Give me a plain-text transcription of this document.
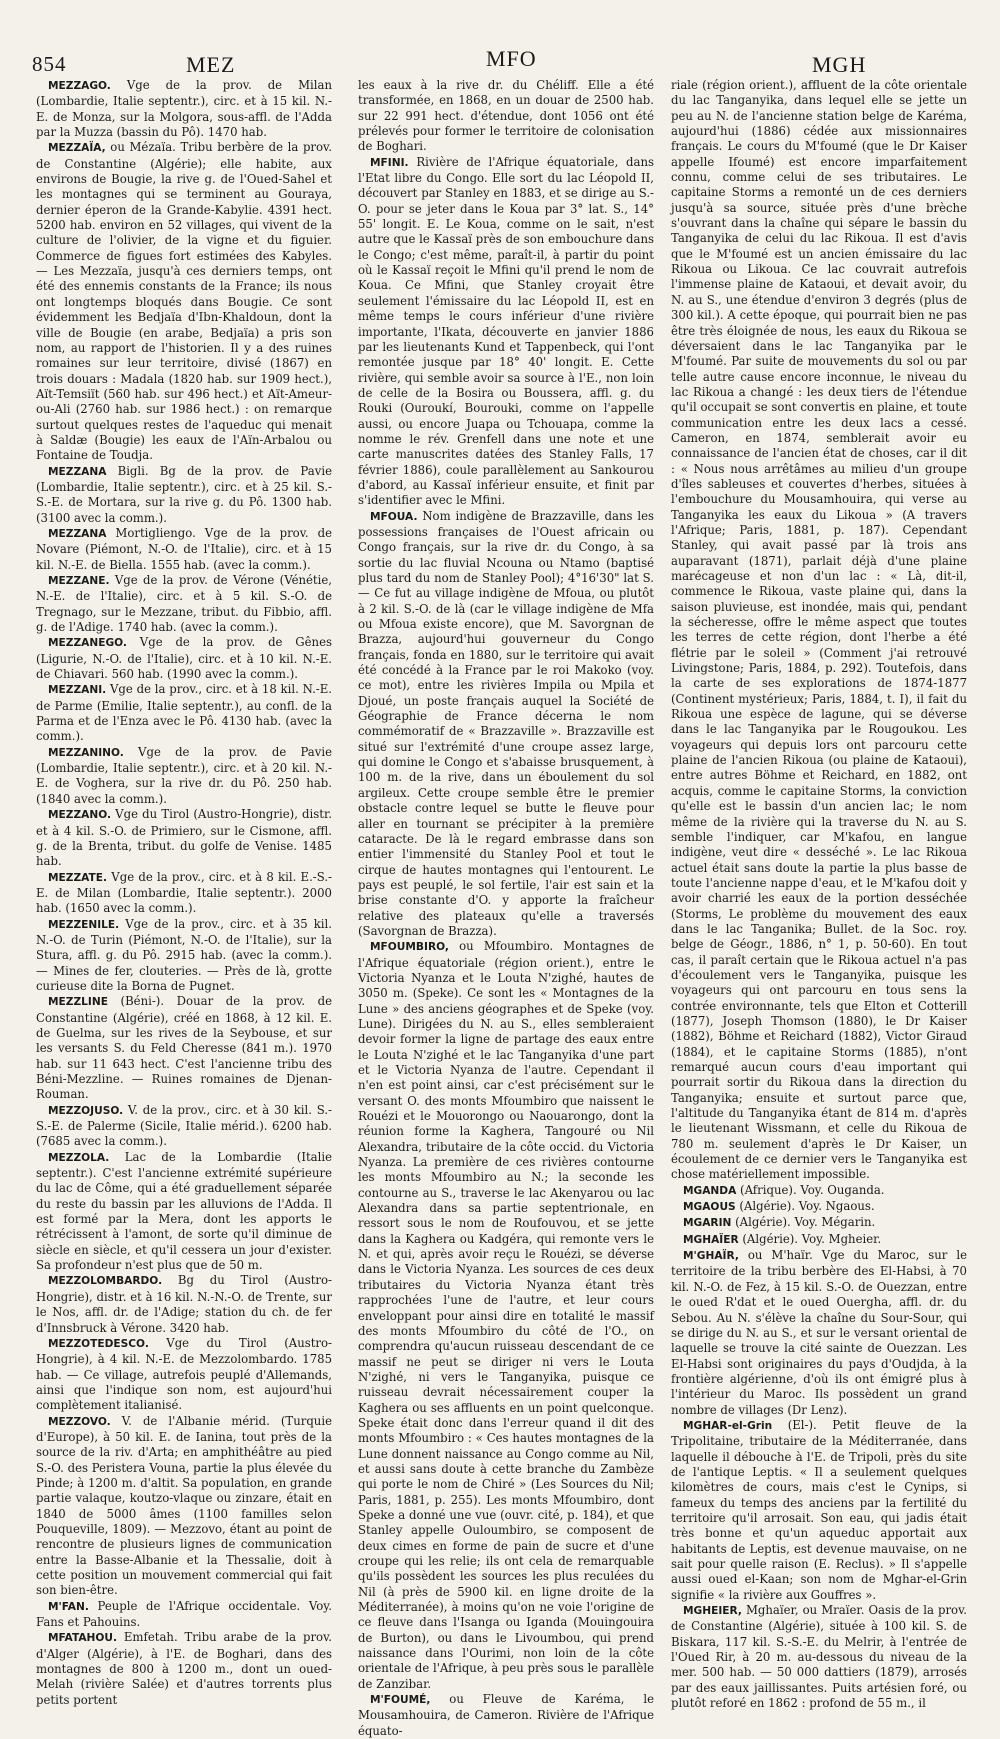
854	MEZ	MFO	MGH

MEZZAGO. Vge de la prov. de Milan (Lombardie, Italie septentr.), circ. et à 15 kil. N.-E. de Monza, sur la Molgora, sous-affl. de l'Adda par la Muzza (bassin du Pô). 1470 hab.

MEZZAÏA, ou Mézaïa. Tribu berbère de la prov. de Constantine (Algérie); elle habite, aux environs de Bougie, la rive g. de l'Oued-Sahel et les montagnes qui se terminent au Gouraya, dernier éperon de la Grande-Kabylie. 4391 hect. 5200 hab. environ en 52 villages, qui vivent de la culture de l'olivier, de la vigne et du figuier. Commerce de figues fort estimées des Kabyles. — Les Mezzaïa, jusqu'à ces derniers temps, ont été des ennemis constants de la France; ils nous ont longtemps bloqués dans Bougie. Ce sont évidemment les Bedjaïa d'Ibn-Khaldoun, dont la ville de Bougie (en arabe, Bedjaïa) a pris son nom, au rapport de l'historien. Il y a des ruines romaines sur leur territoire, divisé (1867) en trois douars : Madala (1820 hab. sur 1909 hect.), Aït-Temsiït (560 hab. sur 496 hect.) et Aït-Ameur-ou-Ali (2760 hab. sur 1986 hect.) : on remarque surtout quelques restes de l'aqueduc qui menait à Saldæ (Bougie) les eaux de l'Aïn-Arbalou ou Fontaine de Toudja.

MEZZANA Bigli. Bg de la prov. de Pavie (Lombardie, Italie septentr.), circ. et à 25 kil. S.-S.-E. de Mortara, sur la rive g. du Pô. 1300 hab. (3100 avec la comm.).

MEZZANA Mortigliengo. Vge de la prov. de Novare (Piémont, N.-O. de l'Italie), circ. et à 15 kil. N.-E. de Biella. 1555 hab. (avec la comm.).

MEZZANE. Vge de la prov. de Vérone (Vénétie, N.-E. de l'Italie), circ. et à 5 kil. S.-O. de Tregnago, sur le Mezzane, tribut. du Fibbio, affl. g. de l'Adige. 1740 hab. (avec la comm.).

MEZZANEGO. Vge de la prov. de Gênes (Ligurie, N.-O. de l'Italie), circ. et à 10 kil. N.-E. de Chiavari. 560 hab. (1990 avec la comm.).

MEZZANI. Vge de la prov., circ. et à 18 kil. N.-E. de Parme (Emilie, Italie septentr.), au confl. de la Parma et de l'Enza avec le Pô. 4130 hab. (avec la comm.).

MEZZANINO. Vge de la prov. de Pavie (Lombardie, Italie septentr.), circ. et à 20 kil. N.-E. de Voghera, sur la rive dr. du Pô. 250 hab. (1840 avec la comm.).

MEZZANO. Vge du Tirol (Austro-Hongrie), distr. et à 4 kil. S.-O. de Primiero, sur le Cismone, affl. g. de la Brenta, tribut. du golfe de Venise. 1485 hab.

MEZZATE. Vge de la prov., circ. et à 8 kil. E.-S.-E. de Milan (Lombardie, Italie septentr.). 2000 hab. (1650 avec la comm.).

MEZZENILE. Vge de la prov., circ. et à 35 kil. N.-O. de Turin (Piémont, N.-O. de l'Italie), sur la Stura, affl. g. du Pô. 2915 hab. (avec la comm.). — Mines de fer, clouteries. — Près de là, grotte curieuse dite la Borna de Pugnet.

MEZZLINE (Béni-). Douar de la prov. de Constantine (Algérie), créé en 1868, à 12 kil. E. de Guelma, sur les rives de la Seybouse, et sur les versants S. du Feld Cheresse (841 m.). 1970 hab. sur 11 643 hect. C'est l'ancienne tribu des Béni-Mezzline. — Ruines romaines de Djenan-Rouman.

MEZZOJUSO. V. de la prov., circ. et à 30 kil. S.-S.-E. de Palerme (Sicile, Italie mérid.). 6200 hab. (7685 avec la comm.).

MEZZOLA. Lac de la Lombardie (Italie septentr.). C'est l'ancienne extrémité supérieure du lac de Côme, qui a été graduellement séparée du reste du bassin par les alluvions de l'Adda. Il est formé par la Mera, dont les apports le rétrécissent à l'amont, de sorte qu'il diminue de siècle en siècle, et qu'il cessera un jour d'exister. Sa profondeur n'est plus que de 50 m.

MEZZOLOMBARDO. Bg du Tirol (Austro-Hongrie), distr. et à 16 kil. N.-N.-O. de Trente, sur le Nos, affl. dr. de l'Adige; station du ch. de fer d'Innsbruck à Vérone. 3420 hab.

MEZZOTEDESCO. Vge du Tirol (Austro-Hongrie), à 4 kil. N.-E. de Mezzolombardo. 1785 hab. — Ce village, autrefois peuplé d'Allemands, ainsi que l'indique son nom, est aujourd'hui complètement italianisé.

MEZZOVO. V. de l'Albanie mérid. (Turquie d'Europe), à 50 kil. E. de Ianina, tout près de la source de la riv. d'Arta; en amphithéâtre au pied S.-O. des Peristera Vouna, partie la plus élevée du Pinde; à 1200 m. d'altit. Sa population, en grande partie valaque, koutzo-vlaque ou zinzare, était en 1840 de 5000 âmes (1100 familles selon Pouqueville, 1809). — Mezzovo, étant au point de rencontre de plusieurs lignes de communication entre la Basse-Albanie et la Thessalie, doit à cette position un mouvement commercial qui fait son bien-être.

M'FAN. Peuple de l'Afrique occidentale. Voy. Fans et Pahouins.

MFATAHOU. Emfetah. Tribu arabe de la prov. d'Alger (Algérie), à l'E. de Boghari, dans des montagnes de 800 à 1200 m., dont un oued-Melah (rivière Salée) et d'autres torrents plus petits portent

les eaux à la rive dr. du Chéliff. Elle a été transformée, en 1868, en un douar de 2500 hab. sur 22 991 hect. d'étendue, dont 1056 ont été prélevés pour former le territoire de colonisation de Boghari.

MFINI. Rivière de l'Afrique équatoriale, dans l'Etat libre du Congo. Elle sort du lac Léopold II, découvert par Stanley en 1883, et se dirige au S.-O. pour se jeter dans le Koua par 3° lat. S., 14° 55' longit. E. Le Koua, comme on le sait, n'est autre que le Kassaï près de son embouchure dans le Congo; c'est même, paraît-il, à partir du point où le Kassaï reçoit le Mfini qu'il prend le nom de Koua. Ce Mfini, que Stanley croyait être seulement l'émissaire du lac Léopold II, est en même temps le cours inférieur d'une rivière importante, l'Ikata, découverte en janvier 1886 par les lieutenants Kund et Tappenbeck, qui l'ont remontée jusque par 18° 40' longit. E. Cette rivière, qui semble avoir sa source à l'E., non loin de celle de la Bosira ou Boussera, affl. g. du Rouki (Ouroukí, Bourouki, comme on l'appelle aussi, ou encore Juapa ou Tchouapa, comme la nomme le rév. Grenfell dans une note et une carte manuscrites datées des Stanley Falls, 17 février 1886), coule parallèlement au Sankourou d'abord, au Kassaï inférieur ensuite, et finit par s'identifier avec le Mfini.

MFOUA. Nom indigène de Brazzaville, dans les possessions françaises de l'Ouest africain ou Congo français, sur la rive dr. du Congo, à sa sortie du lac fluvial Ncouna ou Ntamo (baptisé plus tard du nom de Stanley Pool); 4°16'30" lat S. — Ce fut au village indigène de Mfoua, ou plutôt à 2 kil. S.-O. de là (car le village indigène de Mfa ou Mfoua existe encore), que M. Savorgnan de Brazza, aujourd'hui gouverneur du Congo français, fonda en 1880, sur le territoire qui avait été concédé à la France par le roi Makoko (voy. ce mot), entre les rivières Impila ou Mpila et Djoué, un poste français auquel la Société de Géographie de France décerna le nom commémoratif de « Brazzaville ». Brazzaville est situé sur l'extrémité d'une croupe assez large, qui domine le Congo et s'abaisse brusquement, à 100 m. de la rive, dans un éboulement du sol argileux. Cette croupe semble être le premier obstacle contre lequel se butte le fleuve pour aller en tournant se précipiter à la première cataracte. De là le regard embrasse dans son entier l'immensité du Stanley Pool et tout le cirque de hautes montagnes qui l'entourent. Le pays est peuplé, le sol fertile, l'air est sain et la brise constante d'O. y apporte la fraîcheur relative des plateaux qu'elle a traversés (Savorgnan de Brazza).

MFOUMBIRO, ou Mfoumbiro. Montagnes de l'Afrique équatoriale (région orient.), entre le Victoria Nyanza et le Louta N'zighé, hautes de 3050 m. (Speke). Ce sont les « Montagnes de la Lune » des anciens géographes et de Speke (voy. Lune). Dirigées du N. au S., elles sembleraient devoir former la ligne de partage des eaux entre le Louta N'zighé et le lac Tanganyika d'une part et le Victoria Nyanza de l'autre. Cependant il n'en est point ainsi, car c'est précisément sur le versant O. des monts Mfoumbiro que naissent le Rouézi et le Mouorongo ou Naouarongo, dont la réunion forme la Kaghera, Tangouré ou Nil Alexandra, tributaire de la côte occid. du Victoria Nyanza. La première de ces rivières contourne les monts Mfoumbiro au N.; la seconde les contourne au S., traverse le lac Akenyarou ou lac Alexandra dans sa partie septentrionale, en ressort sous le nom de Roufouvou, et se jette dans la Kaghera ou Kadgéra, qui remonte vers le N. et qui, après avoir reçu le Rouézi, se déverse dans le Victoria Nyanza. Les sources de ces deux tributaires du Victoria Nyanza étant très rapprochées l'une de l'autre, et leur cours enveloppant pour ainsi dire en totalité le massif des monts Mfoumbiro du côté de l'O., on comprendra qu'aucun ruisseau descendant de ce massif ne peut se diriger ni vers le Louta N'zighé, ni vers le Tanganyika, puisque ce ruisseau devrait nécessairement couper la Kaghera ou ses affluents en un point quelconque. Speke était donc dans l'erreur quand il dit des monts Mfoumbiro : « Ces hautes montagnes de la Lune donnent naissance au Congo comme au Nil, et aussi sans doute à cette branche du Zambèze qui porte le nom de Chiré » (Les Sources du Nil; Paris, 1881, p. 255). Les monts Mfoumbiro, dont Speke a donné une vue (ouvr. cité, p. 184), et que Stanley appelle Ouloumbiro, se composent de deux cimes en forme de pain de sucre et d'une croupe qui les relie; ils ont cela de remarquable qu'ils possèdent les sources les plus reculées du Nil (à près de 5900 kil. en ligne droite de la Méditerranée), à moins qu'on ne voie l'origine de ce fleuve dans l'Isanga ou Iganda (Mouingouira de Burton), ou dans le Livoumbou, qui prend naissance dans l'Ourimi, non loin de la côte orientale de l'Afrique, à peu près sous le parallèle de Zanzibar.

M'FOUMÉ, ou Fleuve de Karéma, le Mousamhouira, de Cameron. Rivière de l'Afrique équato-

riale (région orient.), affluent de la côte orientale du lac Tanganyika, dans lequel elle se jette un peu au N. de l'ancienne station belge de Karéma, aujourd'hui (1886) cédée aux missionnaires français. Le cours du M'foumé (que le Dr Kaiser appelle Ifoumé) est encore imparfaitement connu, comme celui de ses tributaires. Le capitaine Storms a remonté un de ces derniers jusqu'à sa source, située près d'une brèche s'ouvrant dans la chaîne qui sépare le bassin du Tanganyika de celui du lac Rikoua. Il est d'avis que le M'foumé est un ancien émissaire du lac Rikoua ou Likoua. Ce lac couvrait autrefois l'immense plaine de Kataoui, et devait avoir, du N. au S., une étendue d'environ 3 degrés (plus de 300 kil.). A cette époque, qui pourrait bien ne pas être très éloignée de nous, les eaux du Rikoua se déversaient dans le lac Tanganyika par le M'foumé. Par suite de mouvements du sol ou par telle autre cause encore inconnue, le niveau du lac Rikoua a changé : les deux tiers de l'étendue qu'il occupait se sont convertis en plaine, et toute communication entre les deux lacs a cessé. Cameron, en 1874, semblerait avoir eu connaissance de l'ancien état de choses, car il dit : « Nous nous arrêtâmes au milieu d'un groupe d'îles sableuses et couvertes d'herbes, situées à l'embouchure du Mousamhouira, qui verse au Tanganyika les eaux du Likoua » (A travers l'Afrique; Paris, 1881, p. 187). Cependant Stanley, qui avait passé par là trois ans auparavant (1871), parlait déjà d'une plaine marécageuse et non d'un lac : « Là, dit-il, commence le Rikoua, vaste plaine qui, dans la saison pluvieuse, est inondée, mais qui, pendant la sécheresse, offre le même aspect que toutes les terres de cette région, dont l'herbe a été flétrie par le soleil » (Comment j'ai retrouvé Livingstone; Paris, 1884, p. 292). Toutefois, dans la carte de ses explorations de 1874-1877 (Continent mystérieux; Paris, 1884, t. I), il fait du Rikoua une espèce de lagune, qui se déverse dans le lac Tanganyika par le Rougoukou. Les voyageurs qui depuis lors ont parcouru cette plaine de l'ancien Rikoua (ou plaine de Kataoui), entre autres Böhme et Reichard, en 1882, ont acquis, comme le capitaine Storms, la conviction qu'elle est le bassin d'un ancien lac; le nom même de la rivière qui la traverse du N. au S. semble l'indiquer, car M'kafou, en langue indigène, veut dire « desséché ». Le lac Rikoua actuel était sans doute la partie la plus basse de toute l'ancienne nappe d'eau, et le M'kafou doit y avoir charrié les eaux de la portion desséchée (Storms, Le problème du mouvement des eaux dans le lac Tanganika; Bullet. de la Soc. roy. belge de Géogr., 1886, n° 1, p. 50-60). En tout cas, il paraît certain que le Rikoua actuel n'a pas d'écoulement vers le Tanganyika, puisque les voyageurs qui ont parcouru en tous sens la contrée environnante, tels que Elton et Cotterill (1877), Joseph Thomson (1880), le Dr Kaiser (1882), Böhme et Reichard (1882), Victor Giraud (1884), et le capitaine Storms (1885), n'ont remarqué aucun cours d'eau important qui pourrait sortir du Rikoua dans la direction du Tanganyika; ensuite et surtout parce que, l'altitude du Tanganyika étant de 814 m. d'après le lieutenant Wissmann, et celle du Rikoua de 780 m. seulement d'après le Dr Kaiser, un écoulement de ce dernier vers le Tanganyika est chose matériellement impossible.

MGANDA (Afrique). Voy. Ouganda.

MGAOUS (Algérie). Voy. Ngaous.

MGARIN (Algérie). Voy. Mégarin.

MGHAÏER (Algérie). Voy. Mgheier.

M'GHAÏR, ou M'haïr. Vge du Maroc, sur le territoire de la tribu berbère des El-Habsi, à 70 kil. N.-O. de Fez, à 15 kil. S.-O. de Ouezzan, entre le oued R'dat et le oued Ouergha, affl. dr. du Sebou. Au N. s'élève la chaîne du Sour-Sour, qui se dirige du N. au S., et sur le versant oriental de laquelle se trouve la cité sainte de Ouezzan. Les El-Habsi sont originaires du pays d'Oudjda, à la frontière algérienne, d'où ils ont émigré plus à l'intérieur du Maroc. Ils possèdent un grand nombre de villages (Dr Lenz).

MGHAR-el-Grin (El-). Petit fleuve de la Tripolitaine, tributaire de la Méditerranée, dans laquelle il débouche à l'E. de Tripoli, près du site de l'antique Leptis. « Il a seulement quelques kilomètres de cours, mais c'est le Cynips, si fameux du temps des anciens par la fertilité du territoire qu'il arrosait. Son eau, qui jadis était très bonne et qu'un aqueduc apportait aux habitants de Leptis, est devenue mauvaise, on ne sait pour quelle raison (E. Reclus). » Il s'appelle aussi oued el-Kaan; son nom de Mghar-el-Grin signifie « la rivière aux Gouffres ».

MGHEIER, Mghaïer, ou Mraïer. Oasis de la prov. de Constantine (Algérie), située à 100 kil. S. de Biskara, 117 kil. S.-S.-E. du Melrir, à l'entrée de l'Oued Rir, à 20 m. au-dessous du niveau de la mer. 500 hab. — 50 000 dattiers (1879), arrosés par des eaux jaillissantes. Puits artésien foré, ou plutôt reforé en 1862 : profond de 55 m., il
